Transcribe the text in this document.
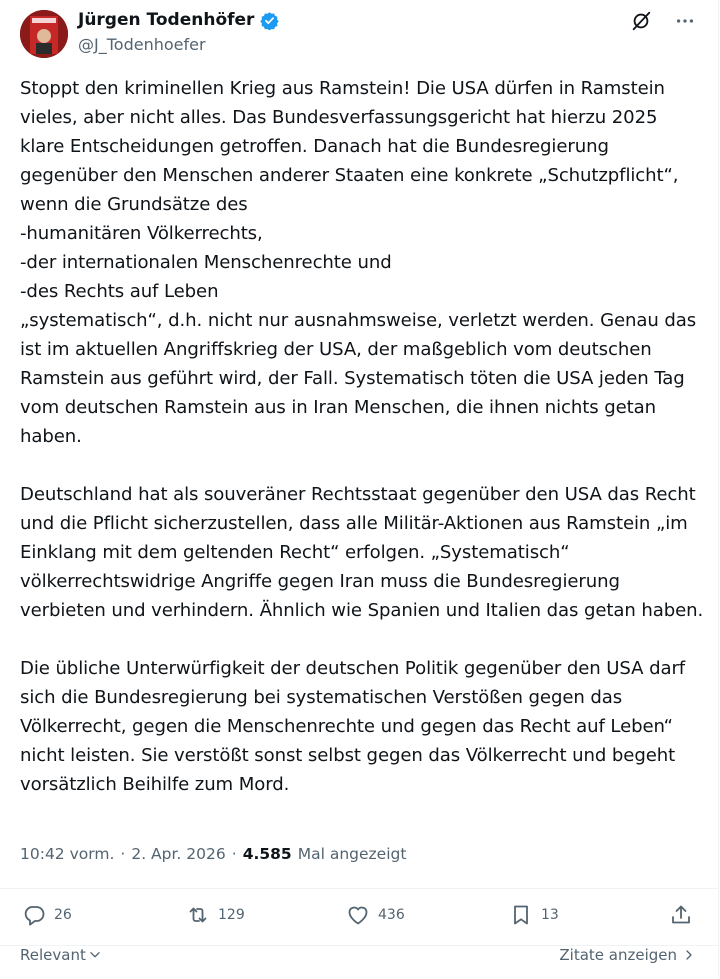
Jürgen Todenhöfer
@J_Todenhoefer
Stoppt den kriminellen Krieg aus Ramstein! Die USA dürfen in Ramstein vieles, aber nicht alles. Das Bundesverfassungsgericht hat hierzu 2025 klare Entscheidungen getroffen. Danach hat die Bundesregierung gegenüber den Menschen anderer Staaten eine konkrete „Schutzpflicht“, wenn die Grundsätze des
-humanitären Völkerrechts,
-der internationalen Menschenrechte und
-des Rechts auf Leben
„systematisch“, d.h. nicht nur ausnahmsweise, verletzt werden. Genau das ist im aktuellen Angriffskrieg der USA, der maßgeblich vom deutschen Ramstein aus geführt wird, der Fall. Systematisch töten die USA jeden Tag vom deutschen Ramstein aus in Iran Menschen, die ihnen nichts getan haben.

Deutschland hat als souveräner Rechtsstaat gegenüber den USA das Recht und die Pflicht sicherzustellen, dass alle Militär-Aktionen aus Ramstein „im Einklang mit dem geltenden Recht“ erfolgen. „Systematisch“ völkerrechtswidrige Angriffe gegen Iran muss die Bundesregierung verbieten und verhindern. Ähnlich wie Spanien und Italien das getan haben.

Die übliche Unterwürfigkeit der deutschen Politik gegenüber den USA darf sich die Bundesregierung bei systematischen Verstößen gegen das Völkerrecht, gegen die Menschenrechte und gegen das Recht auf Leben“ nicht leisten. Sie verstößt sonst selbst gegen das Völkerrecht und begeht vorsätzlich Beihilfe zum Mord.
10:42 vorm. · 2. Apr. 2026 · 4.585 Mal angezeigt
26	129	436	13
Relevant	Zitate anzeigen
